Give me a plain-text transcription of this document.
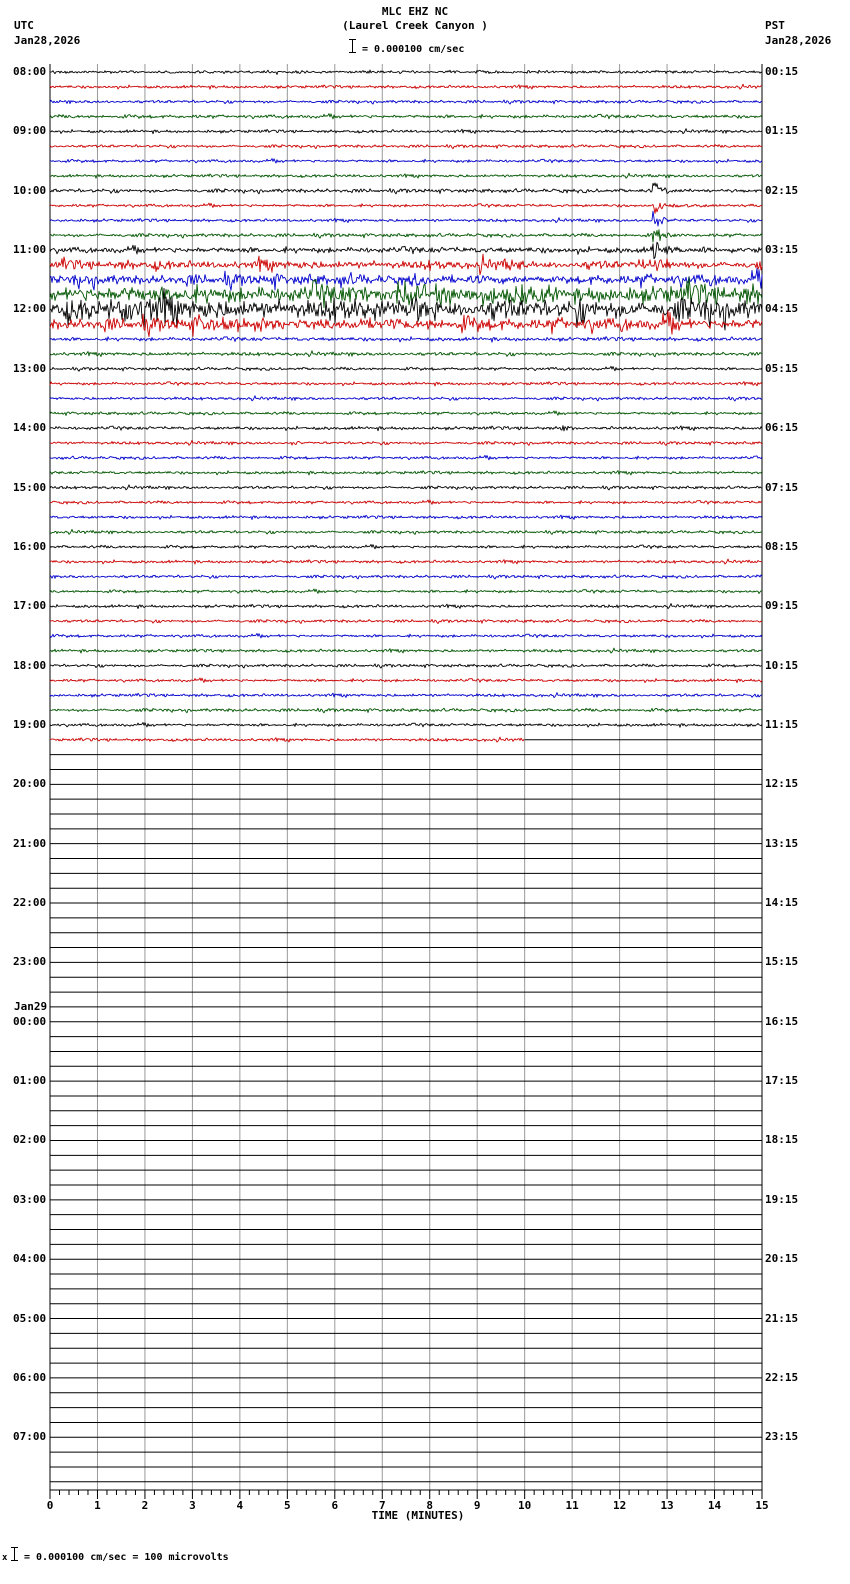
0	1	2	3	4	5	6	7	8	9	10	11	12	13	14	15
MLC EHZ NC
(Laurel Creek Canyon )
= 0.000100 cm/sec
UTC
Jan28,2026
PST
Jan28,2026
08:00
09:00
10:00
11:00
12:00
13:00
14:00
15:00
16:00
17:00
18:00
19:00
20:00
21:00
22:00
23:00
Jan29
00:00
01:00
02:00
03:00
04:00
05:00
06:00
07:00
00:15
01:15
02:15
03:15
04:15
05:15
06:15
07:15
08:15
09:15
10:15
11:15
12:15
13:15
14:15
15:15
16:15
17:15
18:15
19:15
20:15
21:15
22:15
23:15
TIME (MINUTES)
x = 0.000100 cm/sec = 100 microvolts
